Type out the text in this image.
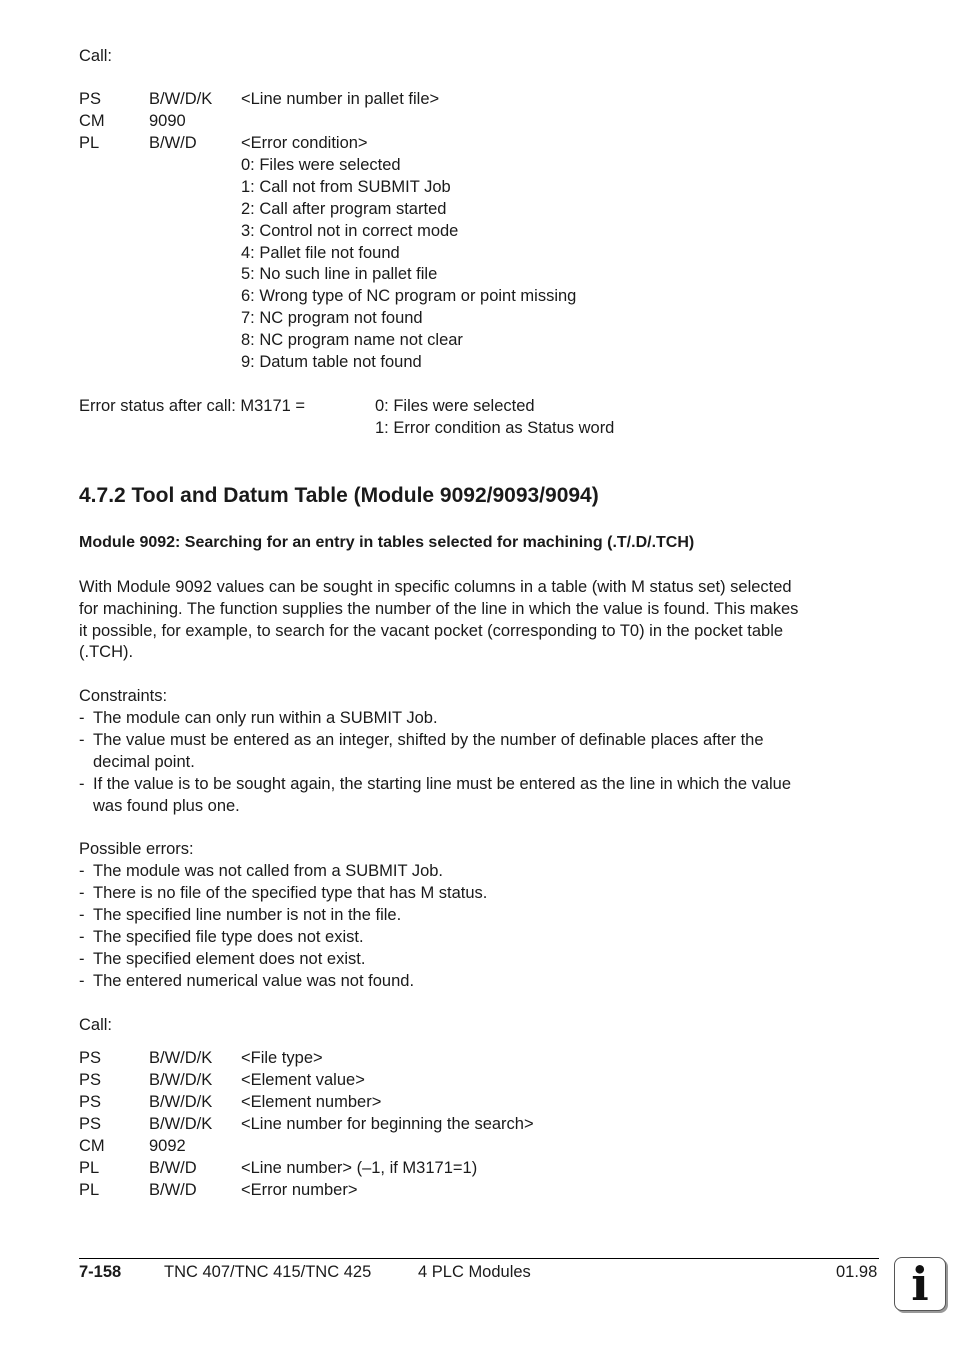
Call:
PS	B/W/D/K <Line number in pallet file>
CM	9090
PL	B/W/D	<Error condition>
0: Files were selected
1: Call not from SUBMIT Job
2: Call after program started
3: Control not in correct mode
4: Pallet file not found
5: No such line in pallet file
6: Wrong type of NC program or point missing
7: NC program not found
8: NC program name not clear
9: Datum table not found
Error status after call: M3171 =	0: Files were selected
1: Error condition as Status word
4.7.2 Tool and Datum Table (Module 9092/9093/9094)
Module 9092: Searching for an entry in tables selected for machining (.T/.D/.TCH)
With Module 9092 values can be sought in specific columns in a table (with M status set) selected
for machining. The function supplies the number of the line in which the value is found. This makes
it possible, for example, to search for the vacant pocket (corresponding to T0) in the pocket table
(.TCH).
Constraints:
- The module can only run within a SUBMIT Job.
- The value must be entered as an integer, shifted by the number of definable places after the
decimal point.
- If the value is to be sought again, the starting line must be entered as the line in which the value
was found plus one.
Possible errors:
- The module was not called from a SUBMIT Job.
- There is no file of the specified type that has M status.
- The specified line number is not in the file.
- The specified file type does not exist.
- The specified element does not exist.
- The entered numerical value was not found.
Call:
PS	B/W/D/K <File type>
PS	B/W/D/K <Element value>
PS	B/W/D/K <Element number>
PS	B/W/D/K <Line number for beginning the search>
CM	9092
PL	B/W/D	<Line number> (–1, if M3171=1)
PL	B/W/D	<Error number>
7-158	TNC 407/TNC 415/TNC 425	4 PLC Modules	01.98 i
